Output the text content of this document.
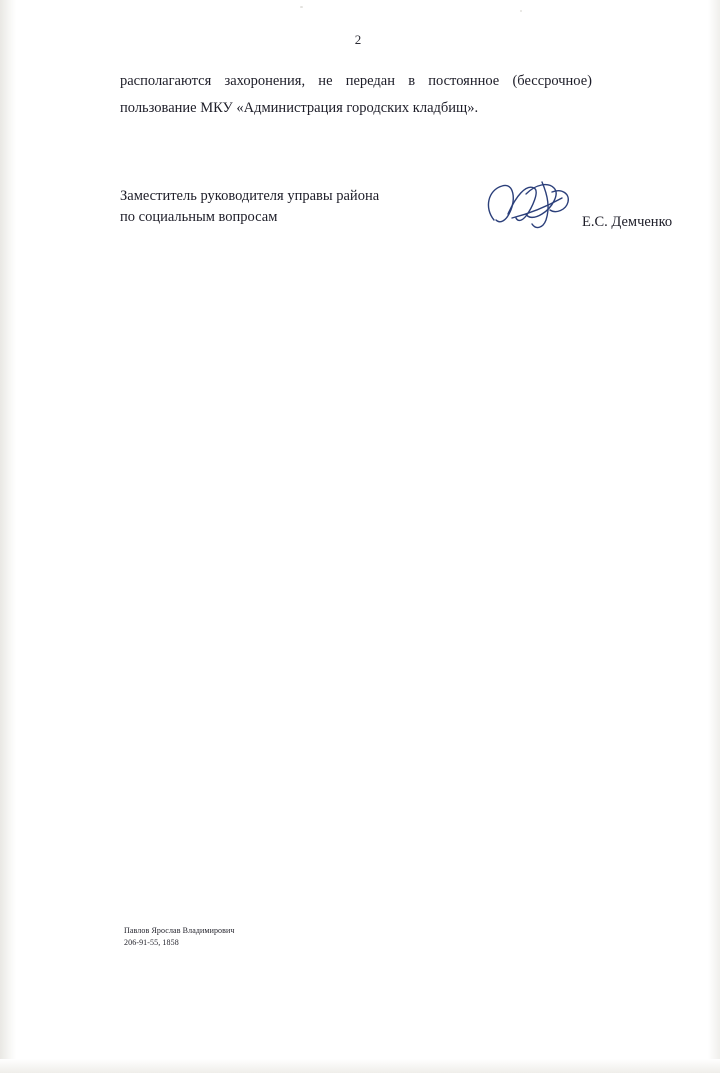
2

располагаются захоронения, не передан в постоянное (бессрочное) пользование МКУ «Администрация городских кладбищ».

Заместитель руководителя управы района
по социальным вопросам	Е.С. Демченко
Павлов Ярослав Владимирович
206-91-55, 1858
